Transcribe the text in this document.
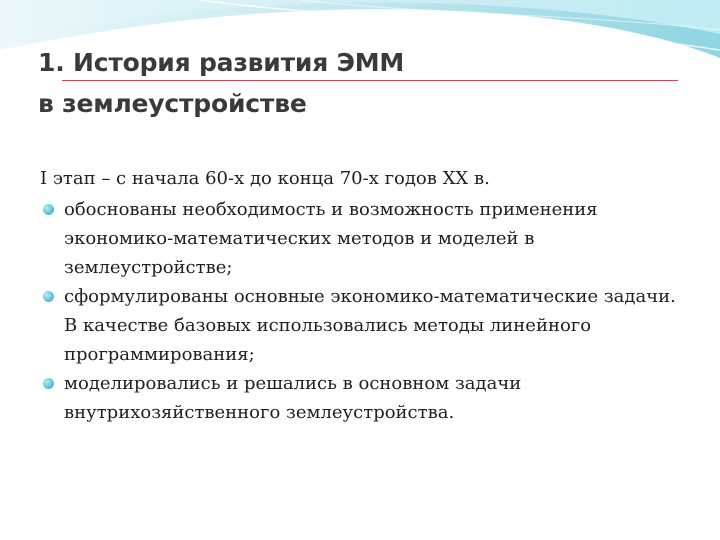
1. История развития ЭММ
в землеустройстве
I этап – с начала 60-х до конца 70-х годов XX в.
обоснованы необходимость и возможность применения экономико-математических методов и моделей в землеустройстве;
сформулированы основные экономико-математические задачи. В качестве базовых использовались методы линейного программирования;
моделировались и решались в основном задачи внутрихозяйственного землеустройства.
